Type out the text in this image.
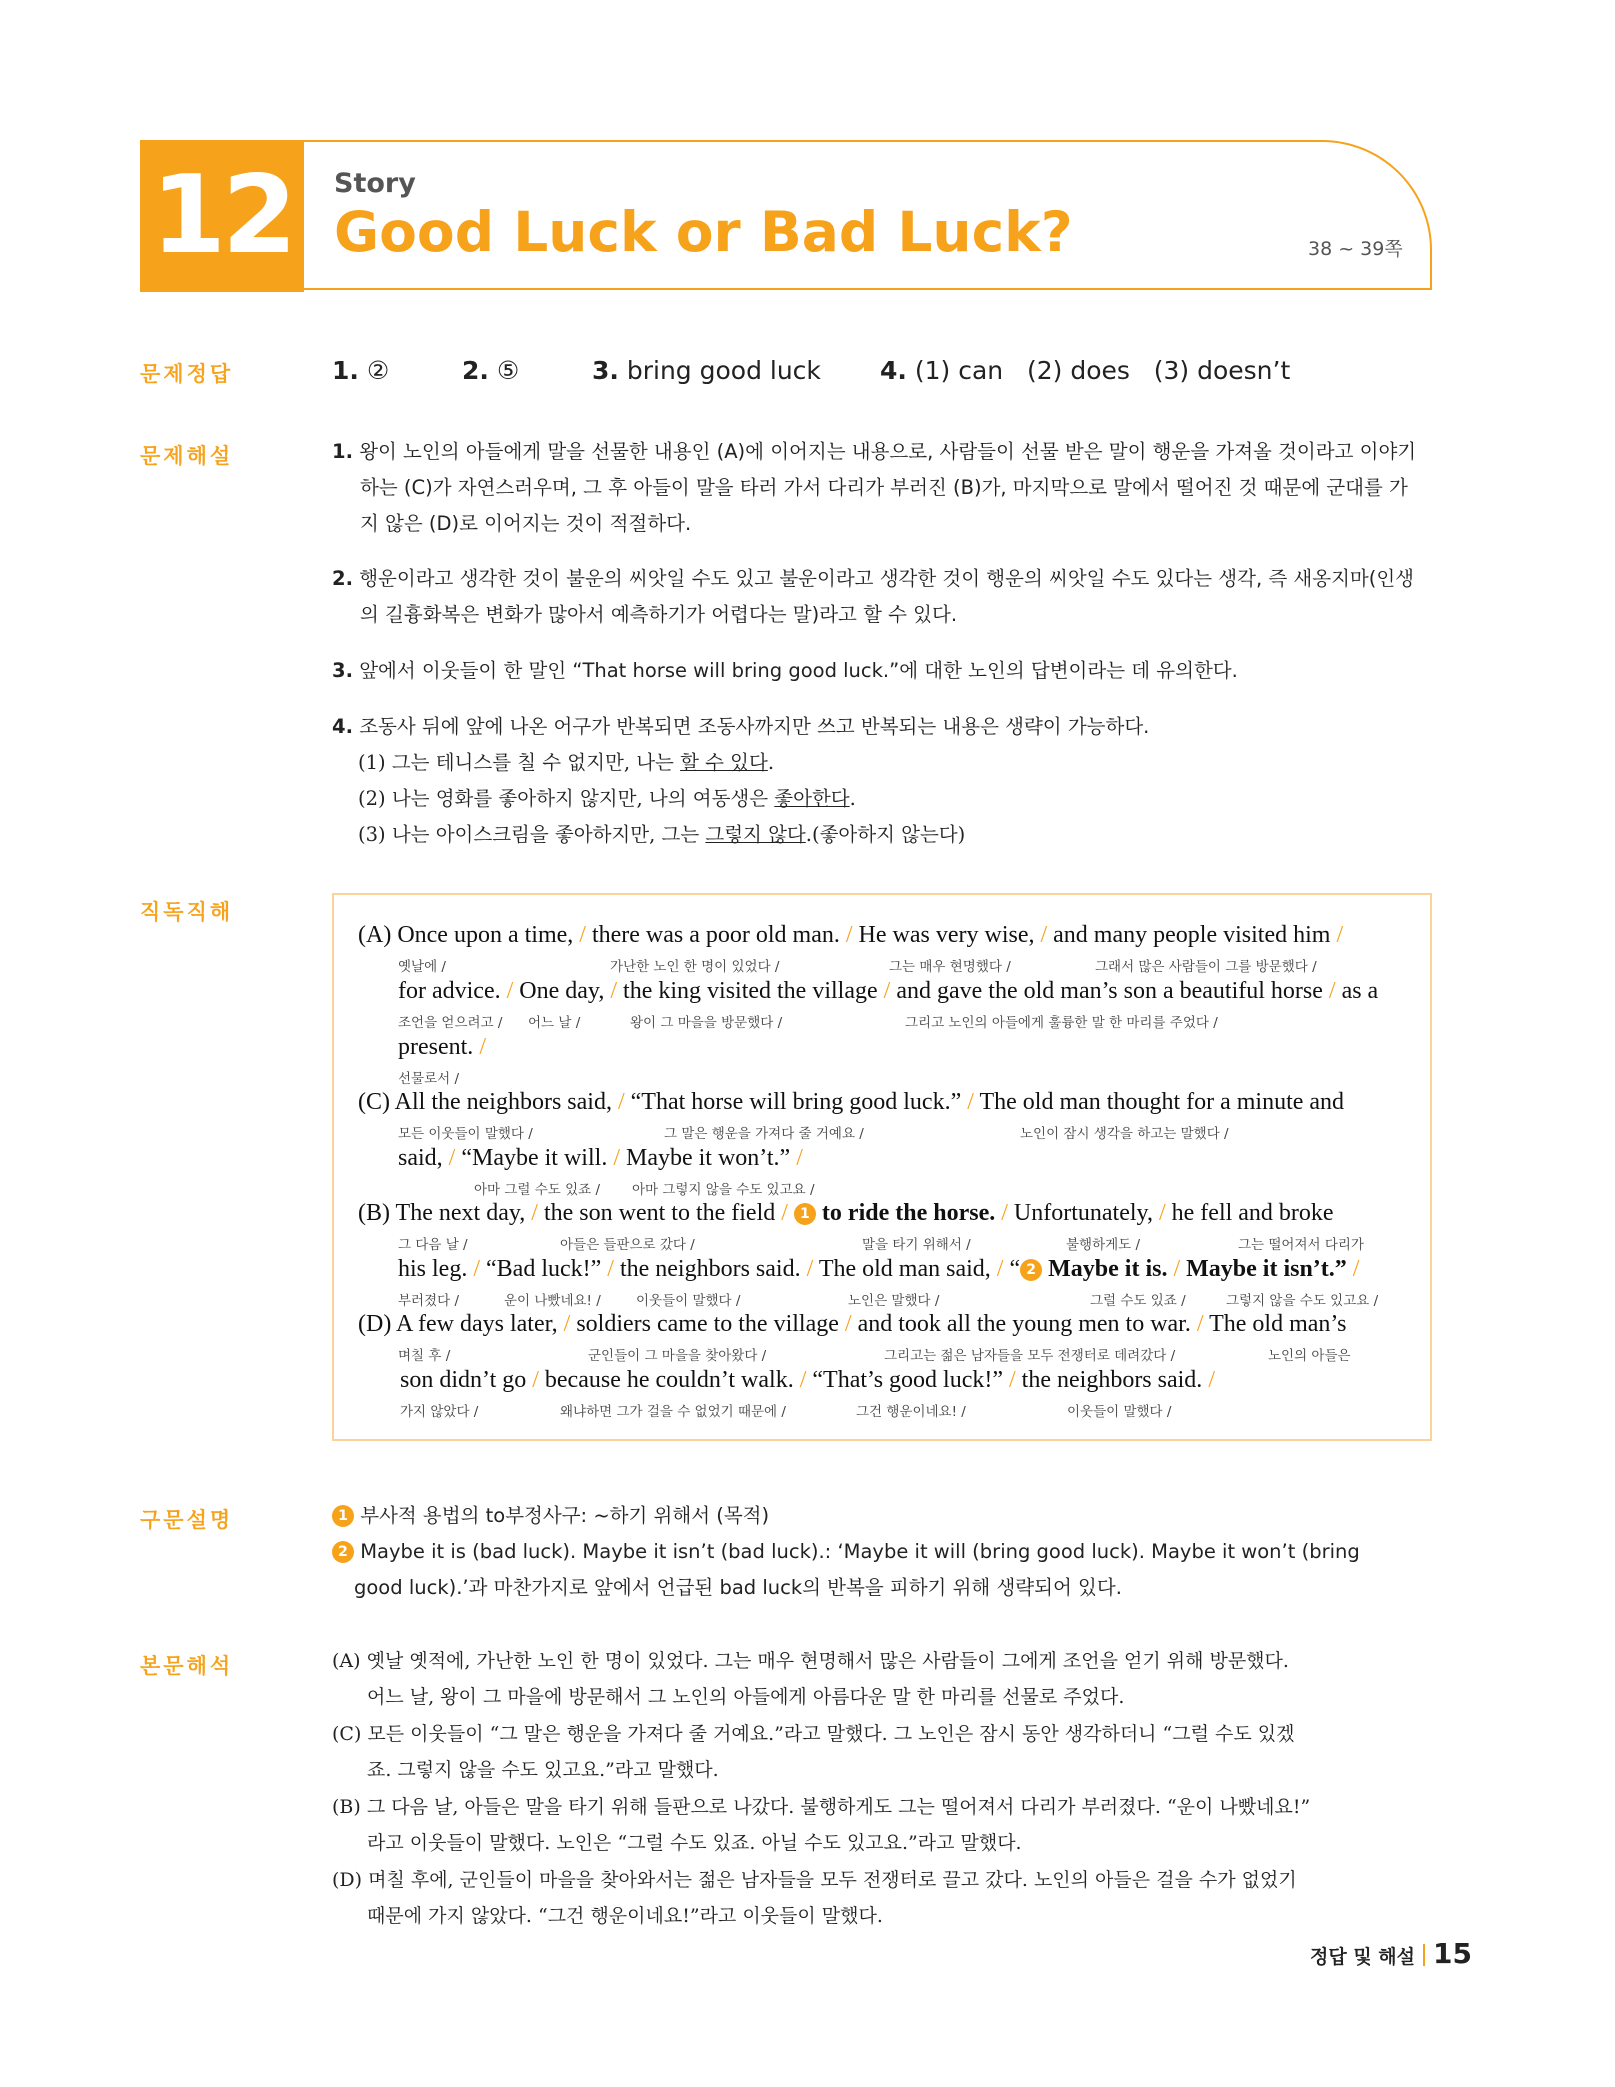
12	Story
Good Luck or Bad Luck?	38 ~ 39쪽
문제정답	1. ②	2. ⑤	3. bring good luck 4. (1) can   (2) does   (3) doesn’t
문제해설	1. 왕이 노인의 아들에게 말을 선물한 내용인 (A)에 이어지는 내용으로, 사람들이 선물 받은 말이 행운을 가져올 것이라고 이야기
하는 (C)가 자연스러우며, 그 후 아들이 말을 타러 가서 다리가 부러진 (B)가, 마지막으로 말에서 떨어진 것 때문에 군대를 가
지 않은 (D)로 이어지는 것이 적절하다.
2. 행운이라고 생각한 것이 불운의 씨앗일 수도 있고 불운이라고 생각한 것이 행운의 씨앗일 수도 있다는 생각, 즉 새옹지마(인생
의 길흉화복은 변화가 많아서 예측하기가 어렵다는 말)라고 할 수 있다.
3. 앞에서 이웃들이 한 말인 “That horse will bring good luck.”에 대한 노인의 답변이라는 데 유의한다.
4. 조동사 뒤에 앞에 나온 어구가 반복되면 조동사까지만 쓰고 반복되는 내용은 생략이 가능하다.
(1) 그는 테니스를 칠 수 없지만, 나는 할 수 있다.
(2) 나는 영화를 좋아하지 않지만, 나의 여동생은 좋아한다.
(3) 나는 아이스크림을 좋아하지만, 그는 그렇지 않다.(좋아하지 않는다)
직독직해
(A) Once upon a time, / there was a poor old man. / He was very wise, / and many people visited him /
옛날에 /	가난한 노인 한 명이 있었다 /	그는 매우 현명했다 /	그래서 많은 사람들이 그를 방문했다 /
for advice. / One day, / the king visited the village / and gave the old man’s son a beautiful horse / as a
조언을 얻으려고 / 어느 날 /	왕이 그 마을을 방문했다 /	그리고 노인의 아들에게 훌륭한 말 한 마리를 주었다 /
present. /
선물로서 /
(C) All the neighbors said, / “That horse will bring good luck.” / The old man thought for a minute and
모든 이웃들이 말했다 /	그 말은 행운을 가져다 줄 거예요 /	노인이 잠시 생각을 하고는 말했다 /
said, / “Maybe it will. / Maybe it won’t.” /
아마 그럴 수도 있죠 / 아마 그렇지 않을 수도 있고요 /
(B) The next day, / the son went to the field / 1 to ride the horse. / Unfortunately, / he fell and broke
그 다음 날 /	아들은 들판으로 갔다 /	말을 타기 위해서 /	불행하게도 /	그는 떨어져서 다리가
his leg. / “Bad luck!” / the neighbors said. / The old man said, / “ 2 Maybe it is. / Maybe it isn’t.” /
부러졌다 /	운이 나빴네요! /	이웃들이 말했다 /	노인은 말했다 /	그럴 수도 있죠 /	그렇지 않을 수도 있고요 /
(D) A few days later, / soldiers came to the village / and took all the young men to war. / The old man’s
며칠 후 /	군인들이 그 마을을 찾아왔다 /	그리고는 젊은 남자들을 모두 전쟁터로 데려갔다 /	노인의 아들은
son didn’t go / because he couldn’t walk. / “That’s good luck!” / the neighbors said. /
가지 않았다 /	왜냐하면 그가 걸을 수 없었기 때문에 /	그건 행운이네요! /	이웃들이 말했다 /
구문설명	1 부사적 용법의 to부정사구: ~하기 위해서 (목적)
2 Maybe it is (bad luck). Maybe it isn’t (bad luck).: ‘Maybe it will (bring good luck). Maybe it won’t (bring
good luck).’과 마찬가지로 앞에서 언급된 bad luck의 반복을 피하기 위해 생략되어 있다.
본문해석	(A) 옛날 옛적에, 가난한 노인 한 명이 있었다. 그는 매우 현명해서 많은 사람들이 그에게 조언을 얻기 위해 방문했다.
어느 날, 왕이 그 마을에 방문해서 그 노인의 아들에게 아름다운 말 한 마리를 선물로 주었다.
(C) 모든 이웃들이 “그 말은 행운을 가져다 줄 거예요.”라고 말했다. 그 노인은 잠시 동안 생각하더니 “그럴 수도 있겠
죠. 그렇지 않을 수도 있고요.”라고 말했다.
(B) 그 다음 날, 아들은 말을 타기 위해 들판으로 나갔다. 불행하게도 그는 떨어져서 다리가 부러졌다. “운이 나빴네요!”
라고 이웃들이 말했다. 노인은 “그럴 수도 있죠. 아닐 수도 있고요.”라고 말했다.
(D) 며칠 후에, 군인들이 마을을 찾아와서는 젊은 남자들을 모두 전쟁터로 끌고 갔다. 노인의 아들은 걸을 수가 없었기
때문에 가지 않았다. “그건 행운이네요!”라고 이웃들이 말했다.
정답 및 해설 15
